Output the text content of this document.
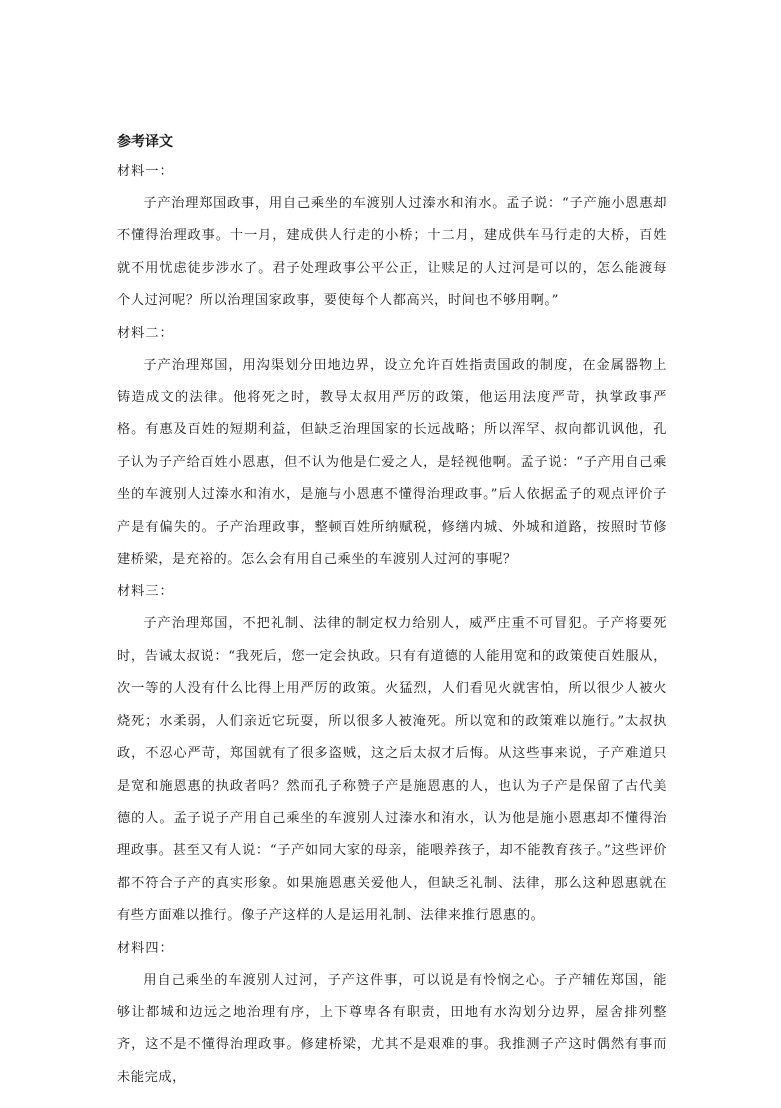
参考译文

材料一：

子产治理郑国政事，用自己乘坐的车渡别人过溱水和洧水。孟子说：“子产施小恩惠却不懂得治理政事。十一月，建成供人行走的小桥；十二月，建成供车马行走的大桥，百姓就不用忧虑徒步涉水了。君子处理政事公平公正，让赎足的人过河是可以的，怎么能渡每个人过河呢？所以治理国家政事，要使每个人都高兴，时间也不够用啊。”

材料二：

子产治理郑国，用沟渠划分田地边界，设立允许百姓指责国政的制度，在金属器物上铸造成文的法律。他将死之时，教导太叔用严厉的政策，他运用法度严苛，执掌政事严格。有惠及百姓的短期利益，但缺乏治理国家的长远战略；所以浑罕、叔向都讥讽他，孔子认为子产给百姓小恩惠，但不认为他是仁爱之人，是轻视他啊。孟子说：“子产用自己乘坐的车渡别人过溱水和洧水，是施与小恩惠不懂得治理政事。”后人依据孟子的观点评价子产是有偏失的。子产治理政事，整顿百姓所纳赋税，修缮内城、外城和道路，按照时节修建桥梁，是充裕的。怎么会有用自己乘坐的车渡别人过河的事呢？

材料三：

子产治理郑国，不把礼制、法律的制定权力给别人，威严庄重不可冒犯。子产将要死时，告诫太叔说：“我死后，您一定会执政。只有有道德的人能用宽和的政策使百姓服从，次一等的人没有什么比得上用严厉的政策。火猛烈，人们看见火就害怕，所以很少人被火烧死；水柔弱，人们亲近它玩耍，所以很多人被淹死。所以宽和的政策难以施行。”太叔执政，不忍心严苛，郑国就有了很多盗贼，这之后太叔才后悔。从这些事来说，子产难道只是宽和施恩惠的执政者吗？然而孔子称赞子产是施恩惠的人，也认为子产是保留了古代美德的人。孟子说子产用自己乘坐的车渡别人过溱水和洧水，认为他是施小恩惠却不懂得治理政事。甚至又有人说：“子产如同大家的母亲，能喂养孩子，却不能教育孩子。”这些评价都不符合子产的真实形象。如果施恩惠关爱他人，但缺乏礼制、法律，那么这种恩惠就在有些方面难以推行。像子产这样的人是运用礼制、法律来推行恩惠的。

材料四：

用自己乘坐的车渡别人过河，子产这件事，可以说是有怜悯之心。子产辅佐郑国，能够让都城和边远之地治理有序，上下尊卑各有职责，田地有水沟划分边界，屋舍排列整齐，这不是不懂得治理政事。修建桥梁，尤其不是艰难的事。我推测子产这时偶然有事而未能完成，
